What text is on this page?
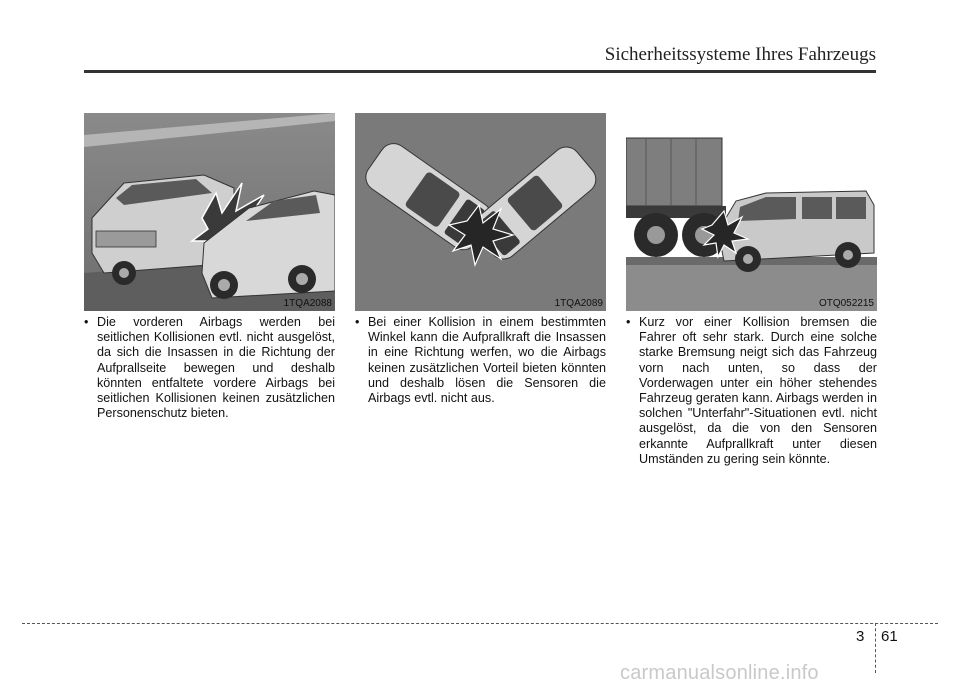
Sicherheitssysteme Ihres Fahrzeugs
1TQA2088	1TQA2089	OTQ052215
• Die vorderen Airbags werden bei seitlichen Kollisionen evtl. nicht ausgelöst, da sich die Insassen in die Richtung der Aufprallseite bewegen und deshalb könnten entfaltete vordere Airbags bei seitlichen Kollisionen keinen zusätzlichen Personenschutz bieten.
• Bei einer Kollision in einem bestimmten Winkel kann die Aufprallkraft die Insassen in eine Richtung werfen, wo die Airbags keinen zusätzlichen Vorteil bieten könnten und deshalb lösen die Sensoren die Airbags evtl. nicht aus.
• Kurz vor einer Kollision bremsen die Fahrer oft sehr stark. Durch eine solche starke Bremsung neigt sich das Fahrzeug vorn nach unten, so dass der Vorderwagen unter ein höher stehendes Fahrzeug geraten kann. Airbags werden in solchen "Unterfahr"-Situationen evtl. nicht ausgelöst, da die von den Sensoren erkannte Aufprallkraft unter diesen Umständen zu gering sein könnte.
3 61
carmanualsonline.info
